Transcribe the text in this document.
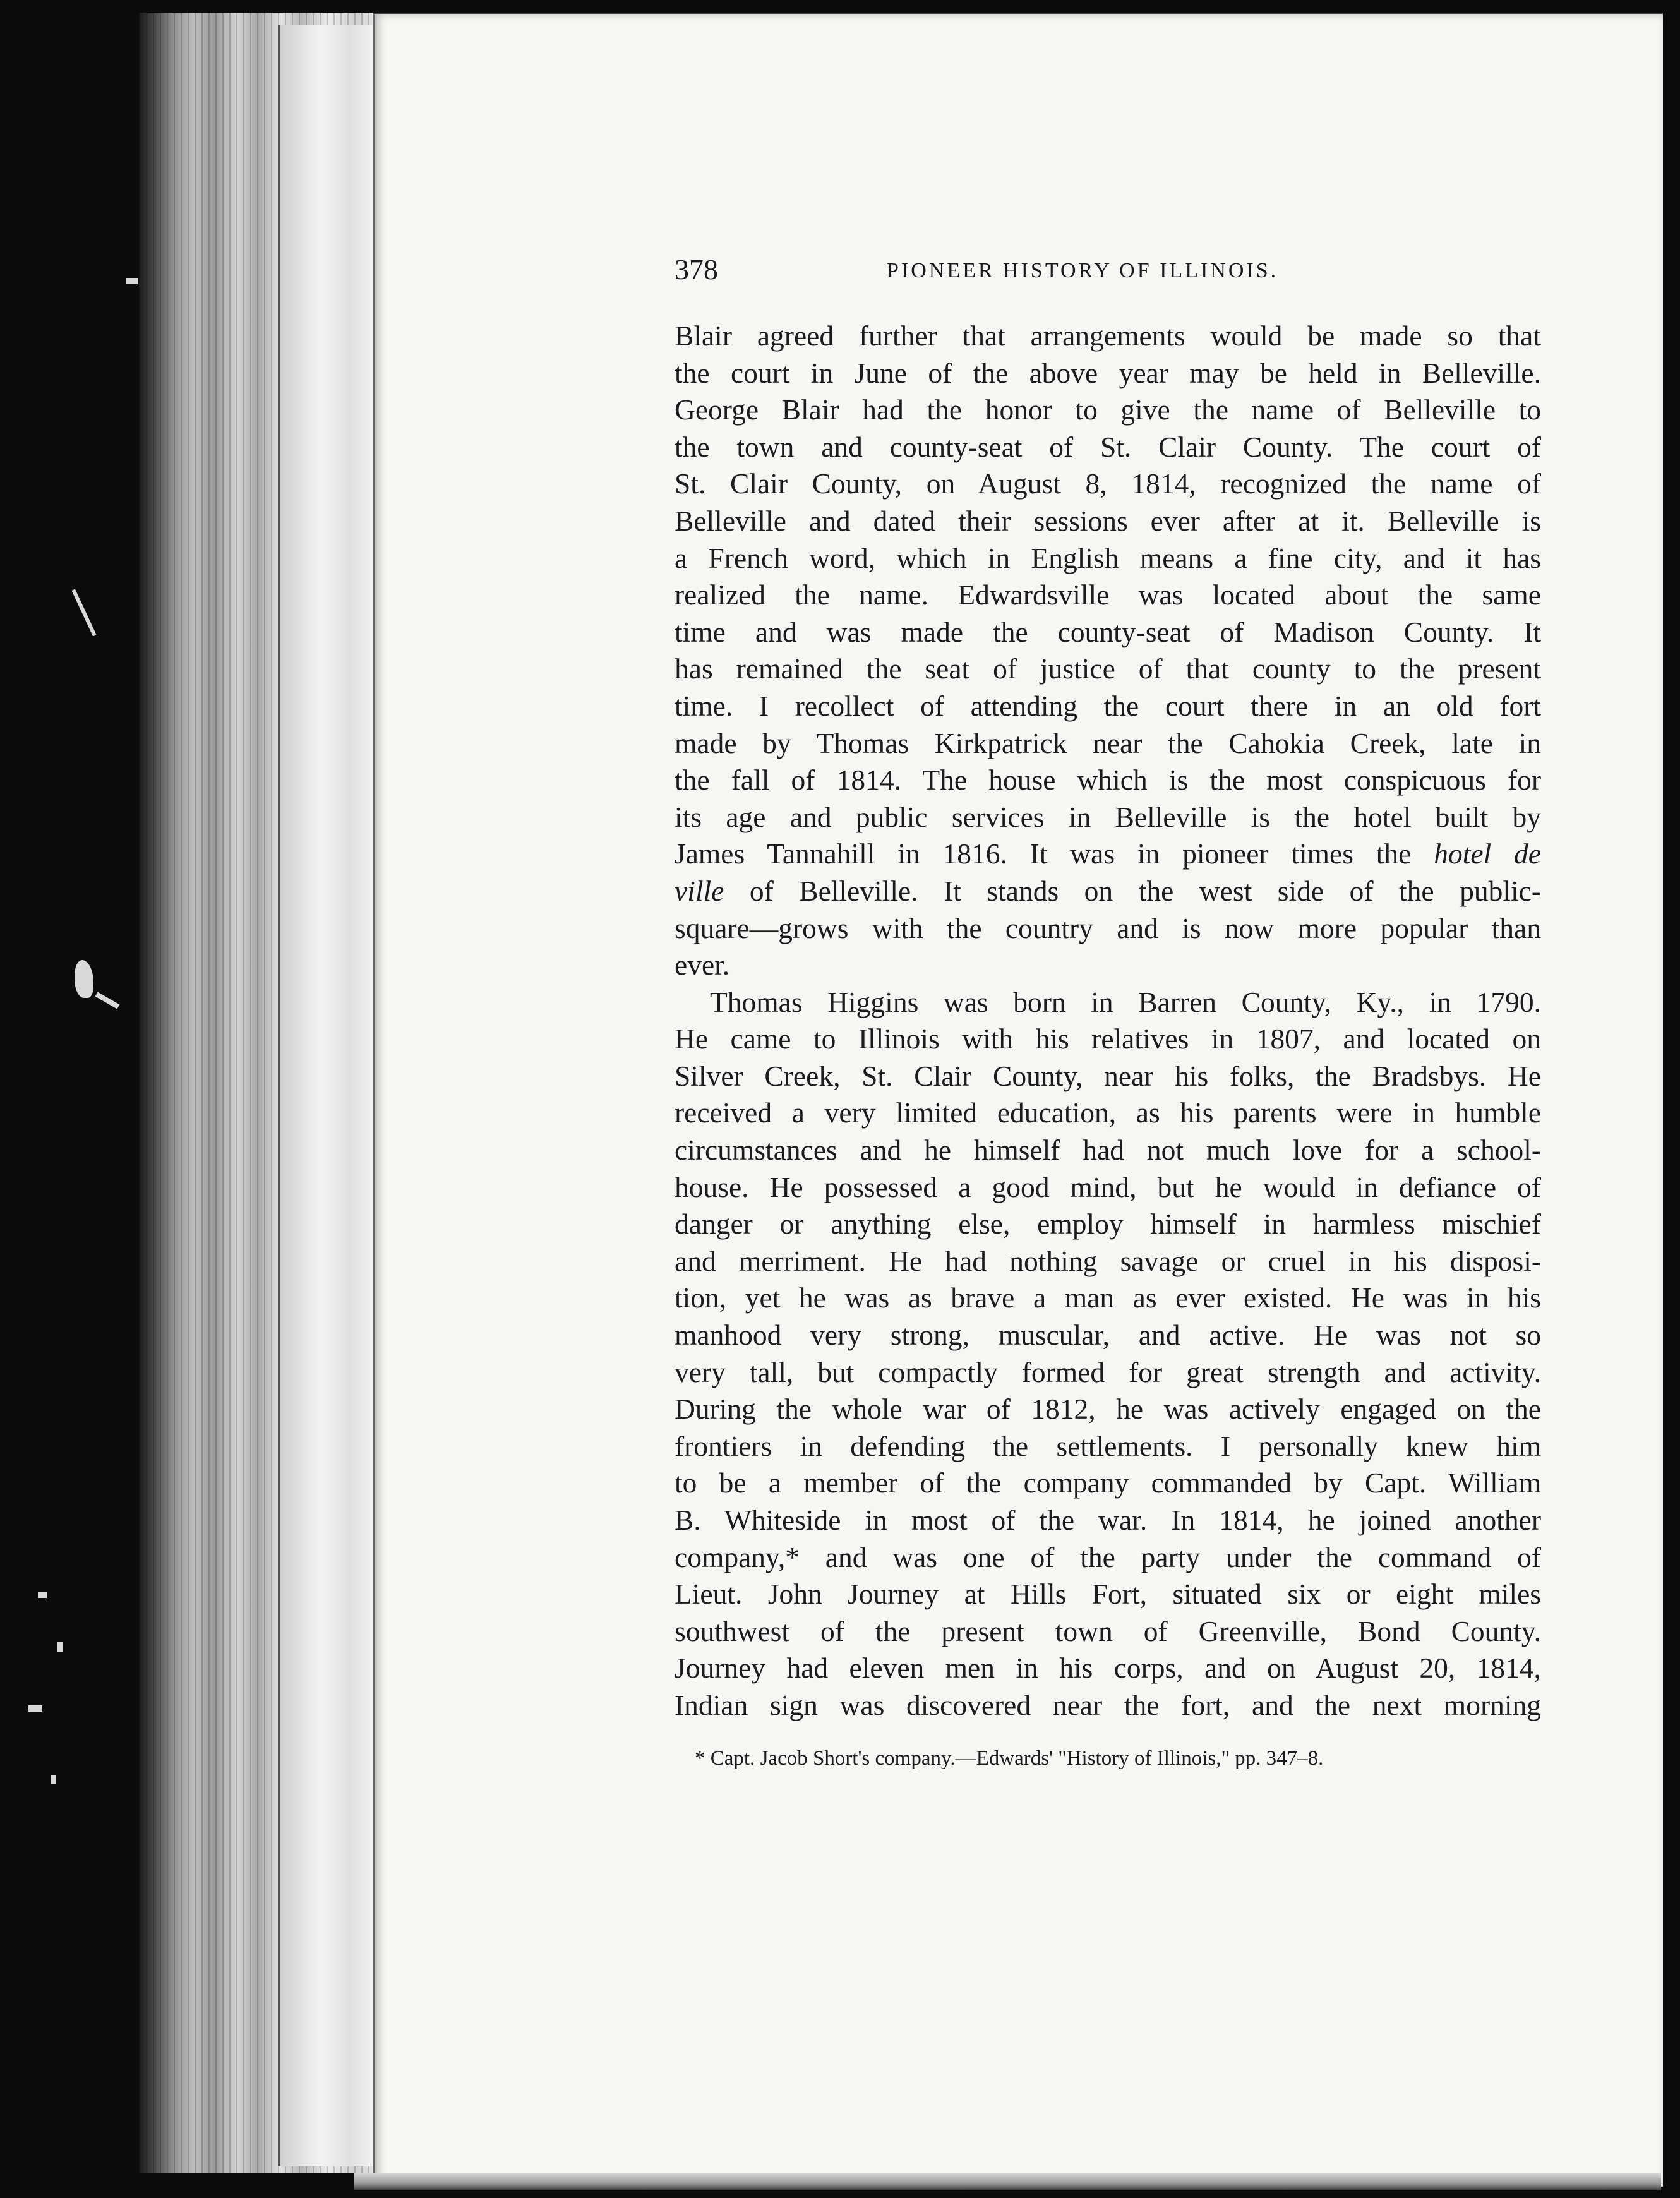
378	PIONEER HISTORY OF ILLINOIS.
Blair agreed further that arrangements would be made so that
the court in June of the above year may be held in Belleville.
George Blair had the honor to give the name of Belleville to
the town and county-seat of St. Clair County. The court of
St. Clair County, on August 8, 1814, recognized the name of
Belleville and dated their sessions ever after at it. Belleville is
a French word, which in English means a fine city, and it has
realized the name. Edwardsville was located about the same
time and was made the county-seat of Madison County. It
has remained the seat of justice of that county to the present
time. I recollect of attending the court there in an old fort
made by Thomas Kirkpatrick near the Cahokia Creek, late in
the fall of 1814. The house which is the most conspicuous for
its age and public services in Belleville is the hotel built by
James Tannahill in 1816. It was in pioneer times the hotel de
ville of Belleville. It stands on the west side of the public-
square—grows with the country and is now more popular than
ever.
Thomas Higgins was born in Barren County, Ky., in 1790.
He came to Illinois with his relatives in 1807, and located on
Silver Creek, St. Clair County, near his folks, the Bradsbys. He
received a very limited education, as his parents were in humble
circumstances and he himself had not much love for a school-
house. He possessed a good mind, but he would in defiance of
danger or anything else, employ himself in harmless mischief
and merriment. He had nothing savage or cruel in his disposi-
tion, yet he was as brave a man as ever existed. He was in his
manhood very strong, muscular, and active. He was not so
very tall, but compactly formed for great strength and activity.
During the whole war of 1812, he was actively engaged on the
frontiers in defending the settlements. I personally knew him
to be a member of the company commanded by Capt. William
B. Whiteside in most of the war. In 1814, he joined another
company,* and was one of the party under the command of
Lieut. John Journey at Hills Fort, situated six or eight miles
southwest of the present town of Greenville, Bond County.
Journey had eleven men in his corps, and on August 20, 1814,
Indian sign was discovered near the fort, and the next morning
* Capt. Jacob Short's company.—Edwards' "History of Illinois," pp. 347–8.
